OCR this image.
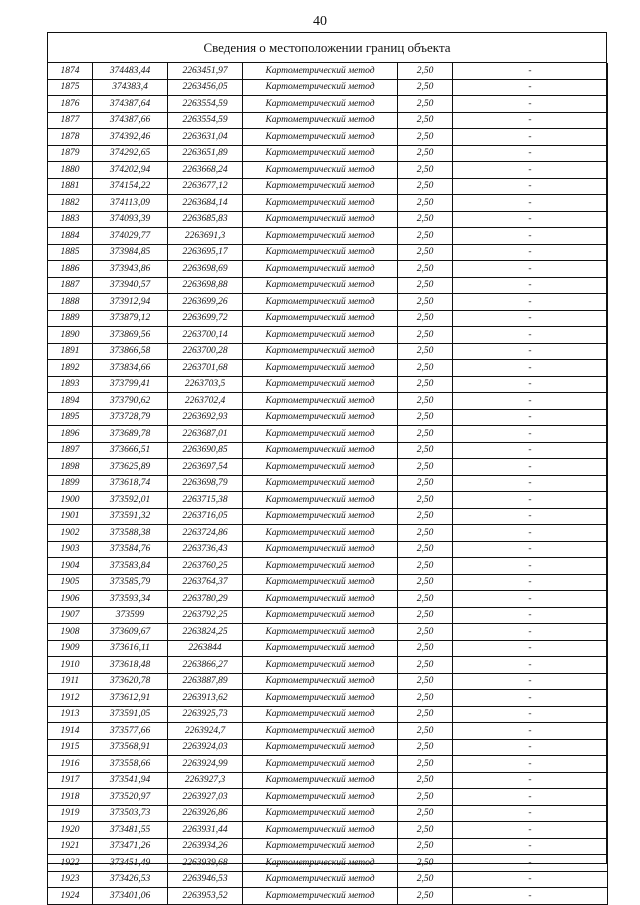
40
Сведения о местоположении границ объекта
1874	374483,44	2263451,97	Картометрический метод	2,50	-
1875	374383,4	2263456,05	Картометрический метод	2,50	-
1876	374387,64	2263554,59	Картометрический метод	2,50	-
1877	374387,66	2263554,59	Картометрический метод	2,50	-
1878	374392,46	2263631,04	Картометрический метод	2,50	-
1879	374292,65	2263651,89	Картометрический метод	2,50	-
1880	374202,94	2263668,24	Картометрический метод	2,50	-
1881	374154,22	2263677,12	Картометрический метод	2,50	-
1882	374113,09	2263684,14	Картометрический метод	2,50	-
1883	374093,39	2263685,83	Картометрический метод	2,50	-
1884	374029,77	2263691,3	Картометрический метод	2,50	-
1885	373984,85	2263695,17	Картометрический метод	2,50	-
1886	373943,86	2263698,69	Картометрический метод	2,50	-
1887	373940,57	2263698,88	Картометрический метод	2,50	-
1888	373912,94	2263699,26	Картометрический метод	2,50	-
1889	373879,12	2263699,72	Картометрический метод	2,50	-
1890	373869,56	2263700,14	Картометрический метод	2,50	-
1891	373866,58	2263700,28	Картометрический метод	2,50	-
1892	373834,66	2263701,68	Картометрический метод	2,50	-
1893	373799,41	2263703,5	Картометрический метод	2,50	-
1894	373790,62	2263702,4	Картометрический метод	2,50	-
1895	373728,79	2263692,93	Картометрический метод	2,50	-
1896	373689,78	2263687,01	Картометрический метод	2,50	-
1897	373666,51	2263690,85	Картометрический метод	2,50	-
1898	373625,89	2263697,54	Картометрический метод	2,50	-
1899	373618,74	2263698,79	Картометрический метод	2,50	-
1900	373592,01	2263715,38	Картометрический метод	2,50	-
1901	373591,32	2263716,05	Картометрический метод	2,50	-
1902	373588,38	2263724,86	Картометрический метод	2,50	-
1903	373584,76	2263736,43	Картометрический метод	2,50	-
1904	373583,84	2263760,25	Картометрический метод	2,50	-
1905	373585,79	2263764,37	Картометрический метод	2,50	-
1906	373593,34	2263780,29	Картометрический метод	2,50	-
1907	373599	2263792,25	Картометрический метод	2,50	-
1908	373609,67	2263824,25	Картометрический метод	2,50	-
1909	373616,11	2263844	Картометрический метод	2,50	-
1910	373618,48	2263866,27	Картометрический метод	2,50	-
1911	373620,78	2263887,89	Картометрический метод	2,50	-
1912	373612,91	2263913,62	Картометрический метод	2,50	-
1913	373591,05	2263925,73	Картометрический метод	2,50	-
1914	373577,66	2263924,7	Картометрический метод	2,50	-
1915	373568,91	2263924,03	Картометрический метод	2,50	-
1916	373558,66	2263924,99	Картометрический метод	2,50	-
1917	373541,94	2263927,3	Картометрический метод	2,50	-
1918	373520,97	2263927,03	Картометрический метод	2,50	-
1919	373503,73	2263926,86	Картометрический метод	2,50	-
1920	373481,55	2263931,44	Картометрический метод	2,50	-
1921	373471,26	2263934,26	Картометрический метод	2,50	-
1922	373451,49	2263939,68	Картометрический метод	2,50	-
1923	373426,53	2263946,53	Картометрический метод	2,50	-
1924	373401,06	2263953,52	Картометрический метод	2,50	-
